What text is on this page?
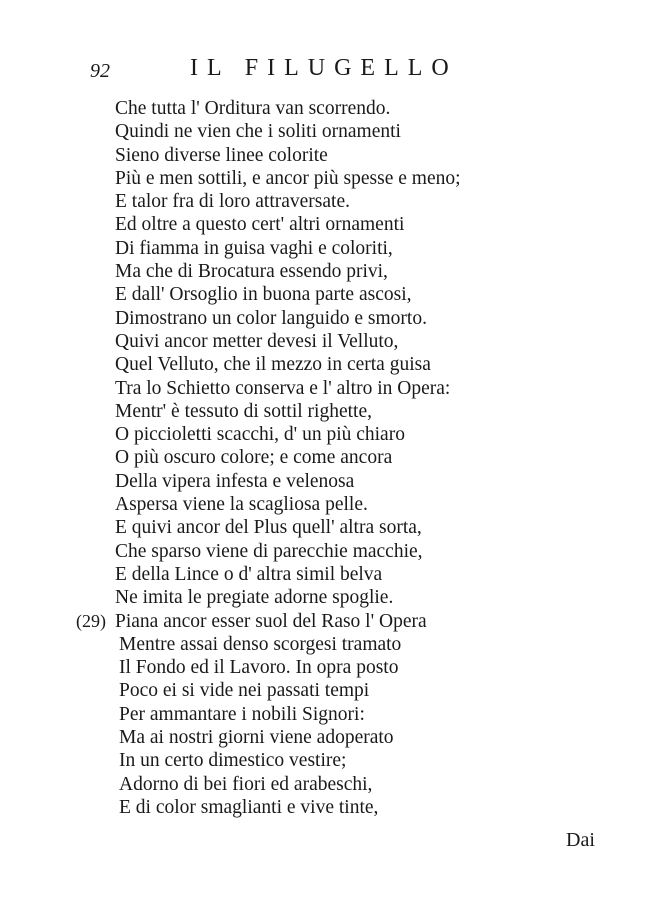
92	IL FILUGELLO
Che tutta l' Orditura van scorrendo.
Quindi ne vien che i soliti ornamenti
Sieno diverse linee colorite
Più e men sottili, e ancor più spesse e meno;
E talor fra di loro attraversate.
Ed oltre a questo cert' altri ornamenti
Di fiamma in guisa vaghi e coloriti,
Ma che di Brocatura essendo privi,
E dall' Orsoglio in buona parte ascosi,
Dimostrano un color languido e smorto.
Quivi ancor metter devesi il Velluto,
Quel Velluto, che il mezzo in certa guisa
Tra lo Schietto conserva e l' altro in Opera:
Mentr' è tessuto di sottil righette,
O piccioletti scacchi, d' un più chiaro
O più oscuro colore; e come ancora
Della vipera infesta e velenosa
Aspersa viene la scagliosa pelle.
E quivi ancor del Plus quell' altra sorta,
Che sparso viene di parecchie macchie,
E della Lince o d' altra simil belva
Ne imita le pregiate adorne spoglie.
(29) Piana ancor esser suol del Raso l' Opera
Mentre assai denso scorgesi tramato
Il Fondo ed il Lavoro. In opra posto
Poco ei si vide nei passati tempi
Per ammantare i nobili Signori:
Ma ai nostri giorni viene adoperato
In un certo dimestico vestire;
Adorno di bei fiori ed arabeschi,
E di color smaglianti e vive tinte,
Dai
